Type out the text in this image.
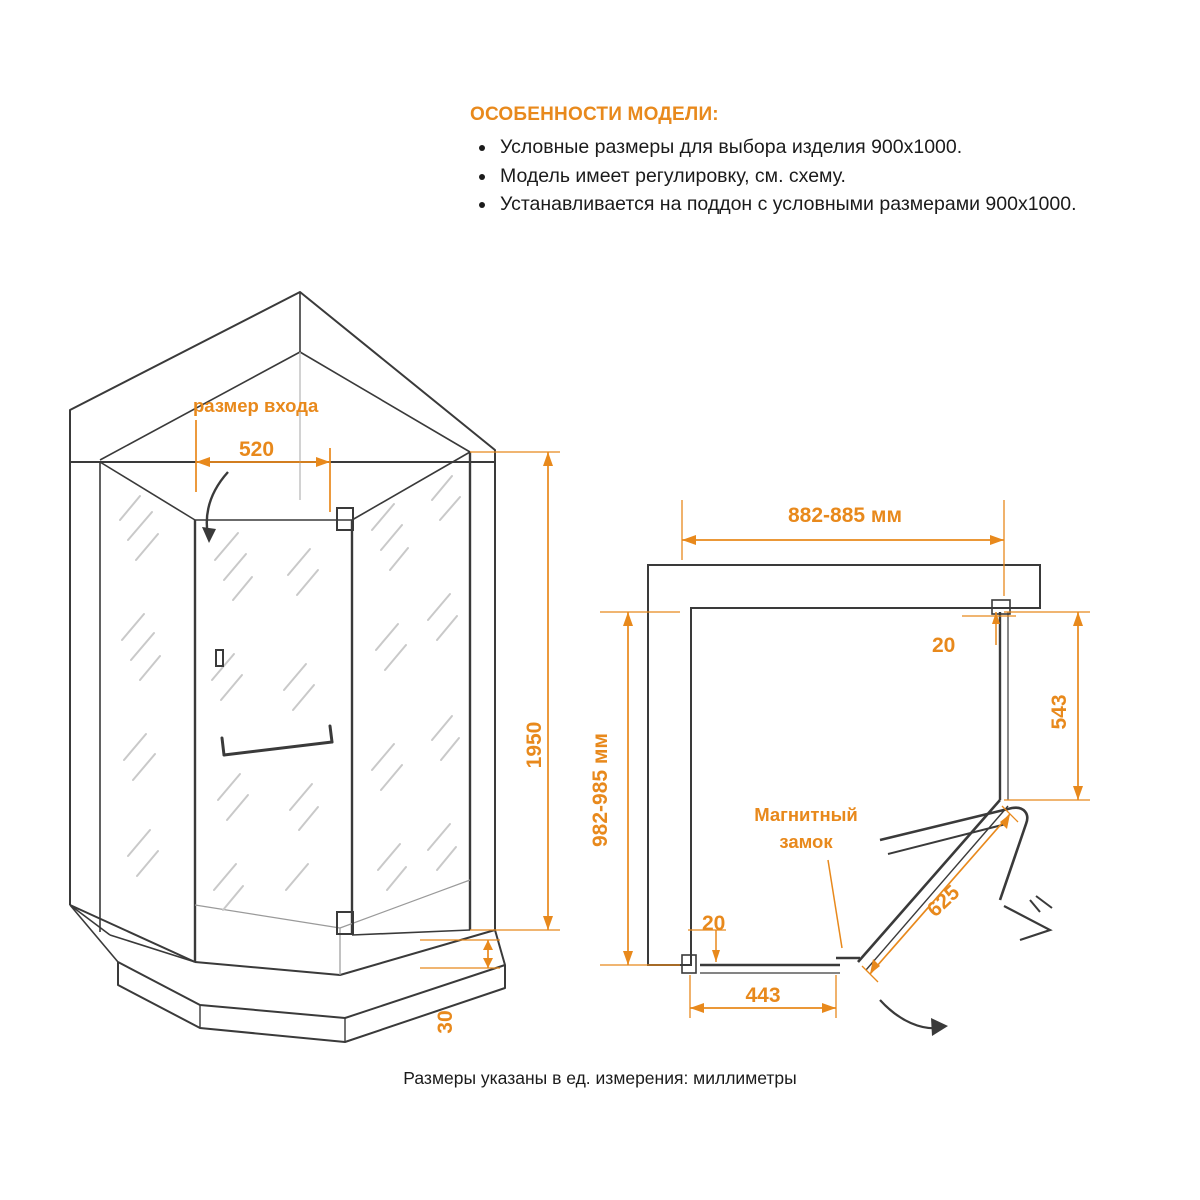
ОСОБЕННОСТИ МОДЕЛИ:
Условные размеры для выбора изделия 900х1000.
Модель имеет регулировку, см. схему.
Устанавливается на поддон с условными размерами 900х1000.
размер входа
520
1950
30
882-885 мм
982-985 мм
543
443
625
20
20
Магнитный
замок
Размеры указаны в ед. измерения: миллиметры
